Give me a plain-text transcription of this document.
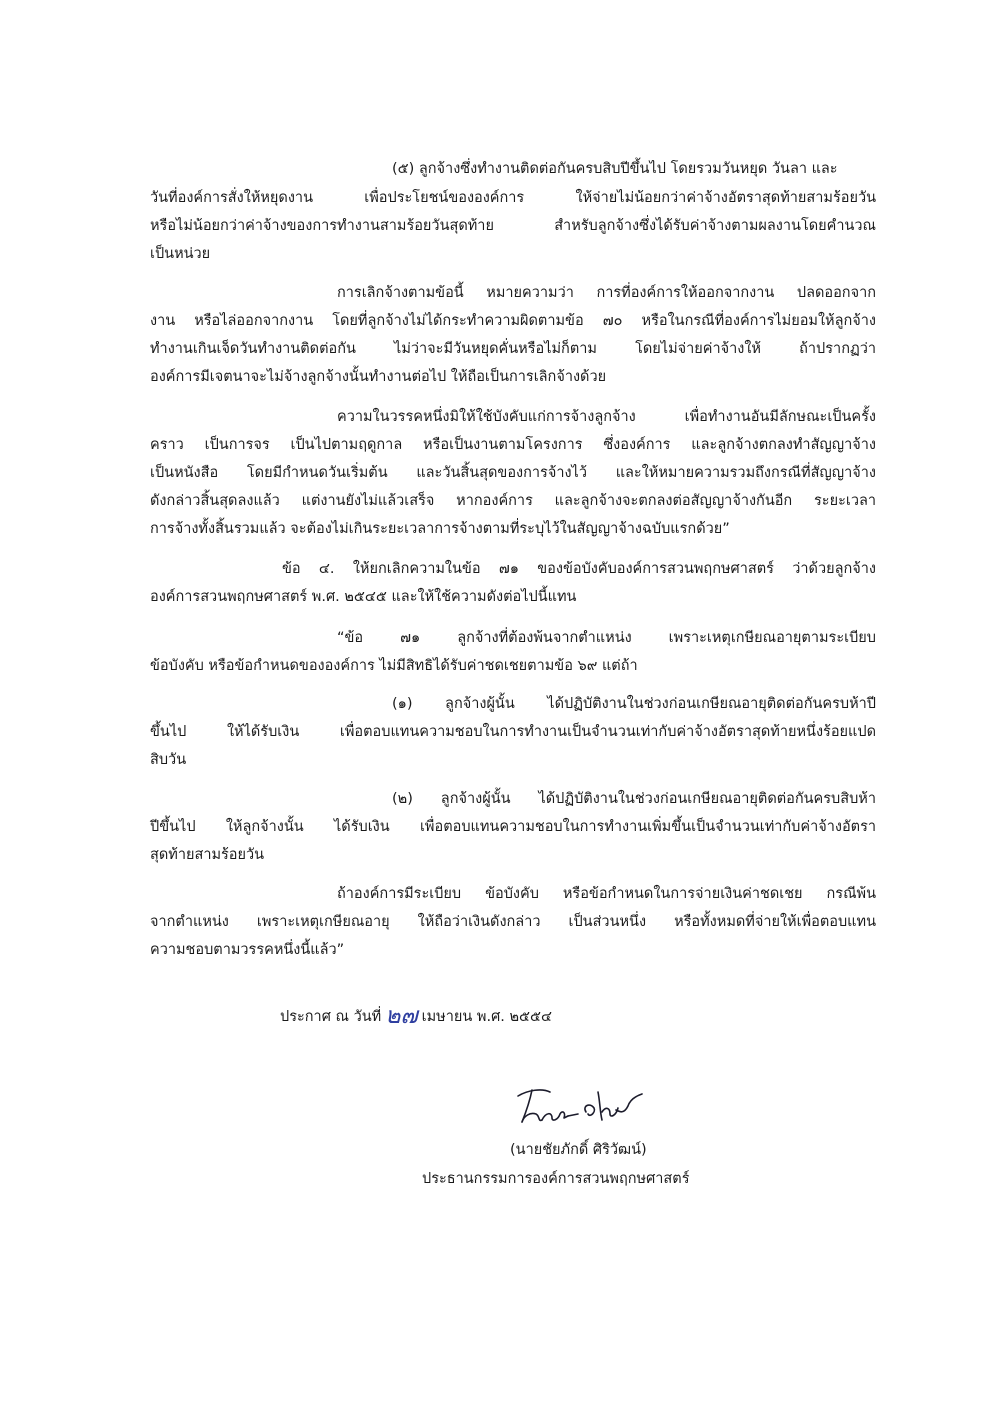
(๕) ลูกจ้างซึ่งทำงานติดต่อกันครบสิบปีขึ้นไป โดยรวมวันหยุด วันลา และ
วันที่องค์การสั่งให้หยุดงาน เพื่อประโยชน์ขององค์การ ให้จ่ายไม่น้อยกว่าค่าจ้างอัตราสุดท้ายสามร้อยวัน
หรือไม่น้อยกว่าค่าจ้างของการทำงานสามร้อยวันสุดท้าย สำหรับลูกจ้างซึ่งได้รับค่าจ้างตามผลงานโดยคำนวณ
เป็นหน่วย
การเลิกจ้างตามข้อนี้ หมายความว่า การที่องค์การให้ออกจากงาน ปลดออกจาก
งาน หรือไล่ออกจากงาน โดยที่ลูกจ้างไม่ได้กระทำความผิดตามข้อ ๗๐ หรือในกรณีที่องค์การไม่ยอมให้ลูกจ้าง
ทำงานเกินเจ็ดวันทำงานติดต่อกัน ไม่ว่าจะมีวันหยุดคั่นหรือไม่ก็ตาม โดยไม่จ่ายค่าจ้างให้ ถ้าปรากฏว่า
องค์การมีเจตนาจะไม่จ้างลูกจ้างนั้นทำงานต่อไป ให้ถือเป็นการเลิกจ้างด้วย
ความในวรรคหนึ่งมิให้ใช้บังคับแก่การจ้างลูกจ้าง เพื่อทำงานอันมีลักษณะเป็นครั้ง
คราว เป็นการจร เป็นไปตามฤดูกาล หรือเป็นงานตามโครงการ ซึ่งองค์การ และลูกจ้างตกลงทำสัญญาจ้าง
เป็นหนังสือ โดยมีกำหนดวันเริ่มต้น และวันสิ้นสุดของการจ้างไว้ และให้หมายความรวมถึงกรณีที่สัญญาจ้าง
ดังกล่าวสิ้นสุดลงแล้ว แต่งานยังไม่แล้วเสร็จ หากองค์การ และลูกจ้างจะตกลงต่อสัญญาจ้างกันอีก ระยะเวลา
การจ้างทั้งสิ้นรวมแล้ว จะต้องไม่เกินระยะเวลาการจ้างตามที่ระบุไว้ในสัญญาจ้างฉบับแรกด้วย”
ข้อ ๔. ให้ยกเลิกความในข้อ ๗๑ ของข้อบังคับองค์การสวนพฤกษศาสตร์ ว่าด้วยลูกจ้าง
องค์การสวนพฤกษศาสตร์ พ.ศ. ๒๕๔๕ และให้ใช้ความดังต่อไปนี้แทน
“ข้อ ๗๑ ลูกจ้างที่ต้องพ้นจากตำแหน่ง เพราะเหตุเกษียณอายุตามระเบียบ
ข้อบังคับ หรือข้อกำหนดขององค์การ ไม่มีสิทธิได้รับค่าชดเชยตามข้อ ๖๙ แต่ถ้า
(๑) ลูกจ้างผู้นั้น ได้ปฏิบัติงานในช่วงก่อนเกษียณอายุติดต่อกันครบห้าปี
ขึ้นไป ให้ได้รับเงิน เพื่อตอบแทนความชอบในการทำงานเป็นจำนวนเท่ากับค่าจ้างอัตราสุดท้ายหนึ่งร้อยแปด
สิบวัน
(๒) ลูกจ้างผู้นั้น ได้ปฏิบัติงานในช่วงก่อนเกษียณอายุติดต่อกันครบสิบห้า
ปีขึ้นไป ให้ลูกจ้างนั้น ได้รับเงิน เพื่อตอบแทนความชอบในการทำงานเพิ่มขึ้นเป็นจำนวนเท่ากับค่าจ้างอัตรา
สุดท้ายสามร้อยวัน
ถ้าองค์การมีระเบียบ ข้อบังคับ หรือข้อกำหนดในการจ่ายเงินค่าชดเชย กรณีพ้น
จากตำแหน่ง เพราะเหตุเกษียณอายุ ให้ถือว่าเงินดังกล่าว เป็นส่วนหนึ่ง หรือทั้งหมดที่จ่ายให้เพื่อตอบแทน
ความชอบตามวรรคหนึ่งนี้แล้ว”
ประกาศ ณ วันที่ ๒๗ เมษายน พ.ศ. ๒๕๕๔
(นายชัยภักดิ์ ศิริวัฒน์)
ประธานกรรมการองค์การสวนพฤกษศาสตร์
